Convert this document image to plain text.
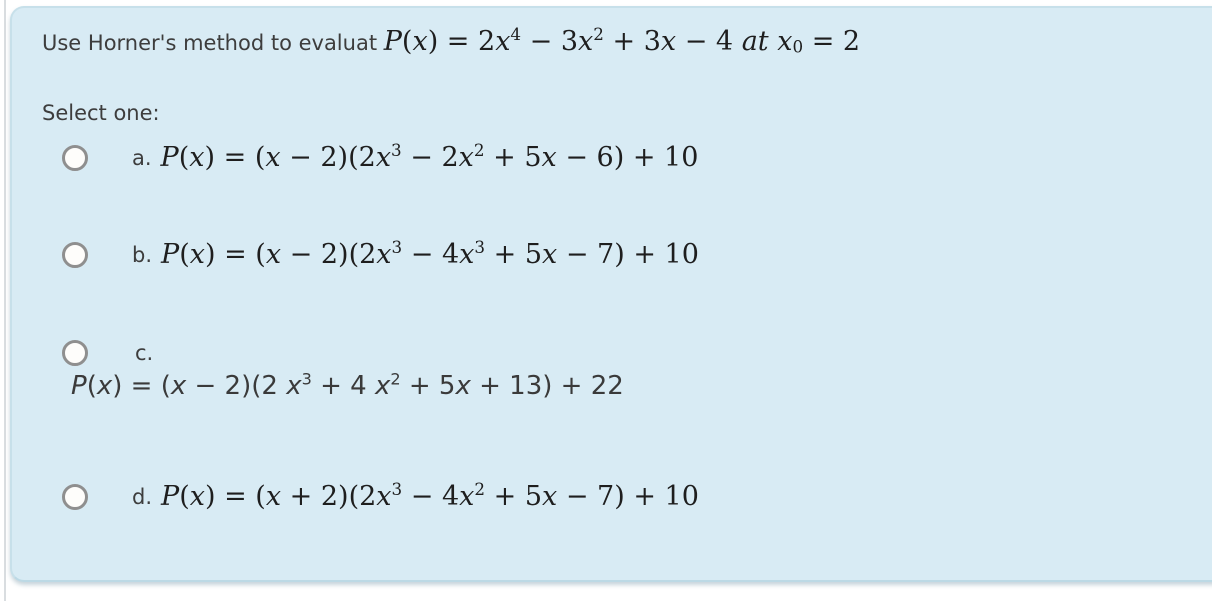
Use Horner's method to evaluat $P(x) = 2x^4 - 3x^2 + 3x - 4$ at $x_0 = 2$
Select one:
a. $P(x) = (x - 2)(2x^3 - 2x^2 + 5x - 6) + 10$
b. $P(x) = (x - 2)(2x^3 - 4x^3 + 5x - 7) + 10$
c.
P(x) = (x − 2)(2 $x^3 + 4$ $x^2 + 5x + 13) + 22$
d. $P(x) = (x + 2)(2x^3 - 4x^2 + 5x - 7) + 10$
